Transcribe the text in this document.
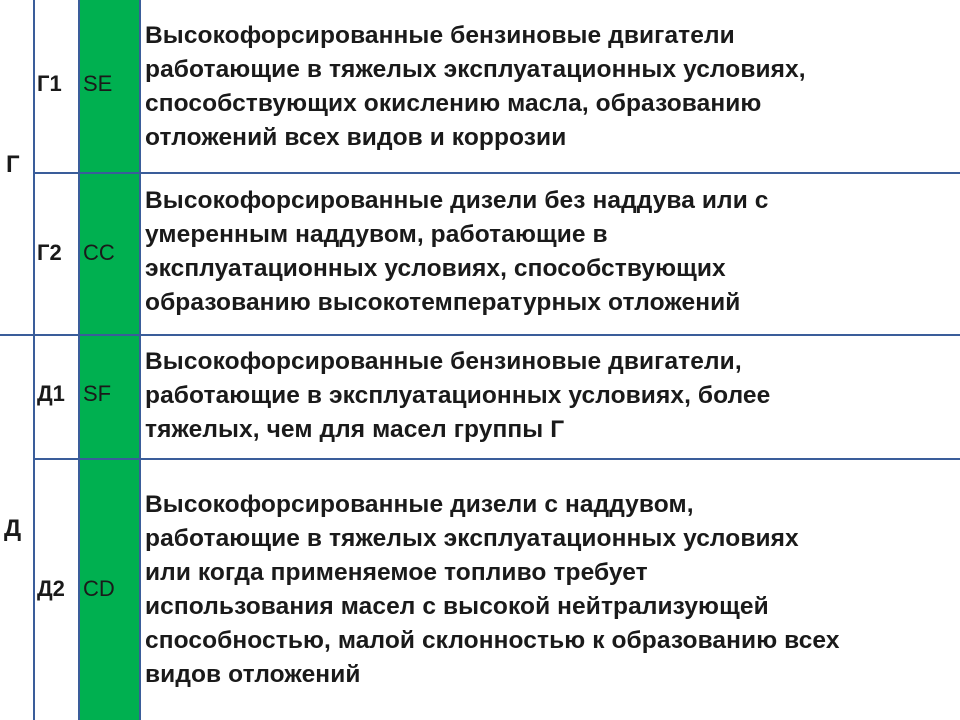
Г
Г1 SE
Высокофорсированные бензиновые двигатели
работающие в тяжелых эксплуатационных условиях,
способствующих окислению масла, образованию
отложений всех видов и коррозии
Г2 CC
Высокофорсированные дизели без наддува или с
умеренным наддувом, работающие в
эксплуатационных условиях, способствующих
образованию высокотемпературных отложений
Д
Д1 SF
Высокофорсированные бензиновые двигатели,
работающие в эксплуатационных условиях, более
тяжелых, чем для масел группы Г
Д2 CD
Высокофорсированные дизели с наддувом,
работающие в тяжелых эксплуатационных условиях
или когда применяемое топливо требует
использования масел с высокой нейтрализующей
способностью, малой склонностью к образованию всех
видов отложений
